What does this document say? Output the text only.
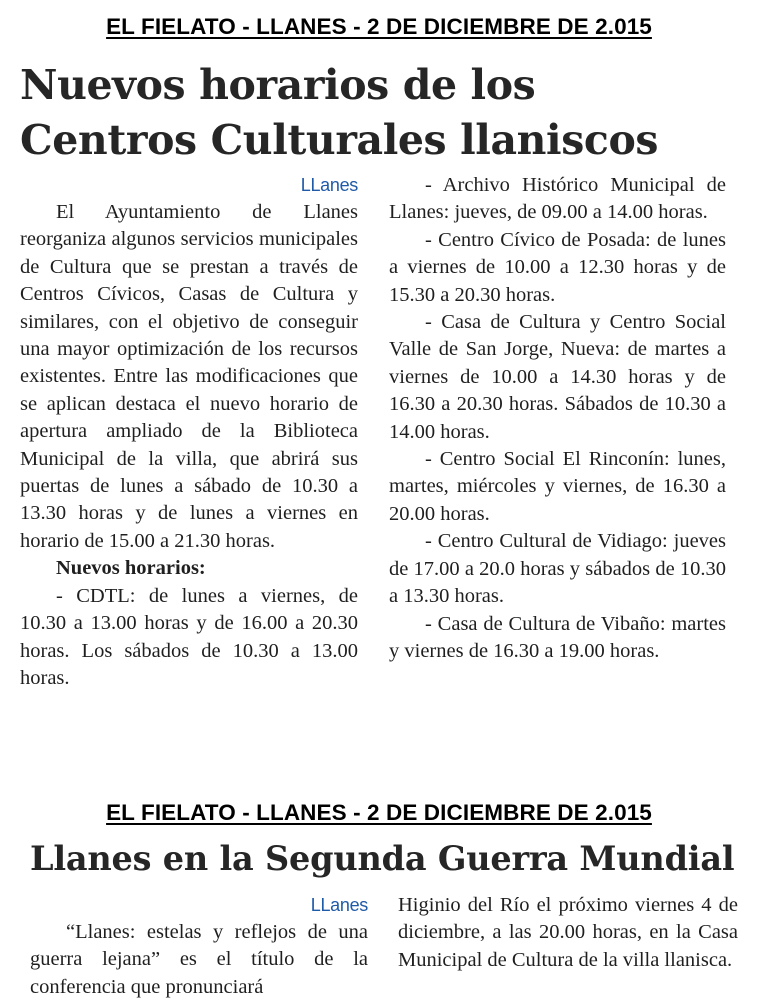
EL FIELATO - LLANES - 2 DE DICIEMBRE DE 2.015
Nuevos horarios de los
Centros Culturales llaniscos
LLanes

El Ayuntamiento de Llanes reorganiza algunos servicios municipales de Cultura que se prestan a través de Centros Cívicos, Casas de Cultura y similares, con el objetivo de conseguir una mayor optimización de los recursos existentes. Entre las modificaciones que se aplican destaca el nuevo horario de apertura ampliado de la Biblioteca Municipal de la villa, que abrirá sus puertas de lunes a sábado de 10.30 a 13.30 horas y de lunes a viernes en horario de 15.00 a 21.30 horas.

Nuevos horarios:

- CDTL: de lunes a viernes, de 10.30 a 13.00 horas y de 16.00 a 20.30 horas. Los sábados de 10.30 a 13.00 horas.

- Archivo Histórico Municipal de Llanes: jueves, de 09.00 a 14.00 horas.

- Centro Cívico de Posada: de lunes a viernes de 10.00 a 12.30 horas y de 15.30 a 20.30 horas.

- Casa de Cultura y Centro Social Valle de San Jorge, Nueva: de martes a viernes de 10.00 a 14.30 horas y de 16.30 a 20.30 horas. Sábados de 10.30 a 14.00 horas.

- Centro Social El Rinconín: lunes, martes, miércoles y viernes, de 16.30 a 20.00 horas.

- Centro Cultural de Vidiago: jueves de 17.00 a 20.0 horas y sábados de 10.30 a 13.30 horas.

- Casa de Cultura de Vibaño: martes y viernes de 16.30 a 19.00 horas.

EL FIELATO - LLANES - 2 DE DICIEMBRE DE 2.015
Llanes en la Segunda Guerra Mundial
LLanes

“Llanes: estelas y reflejos de una guerra lejana” es el título de la conferencia que pronunciará

Higinio del Río el próximo viernes 4 de diciembre, a las 20.00 horas, en la Casa Municipal de Cultura de la villa llanisca.
